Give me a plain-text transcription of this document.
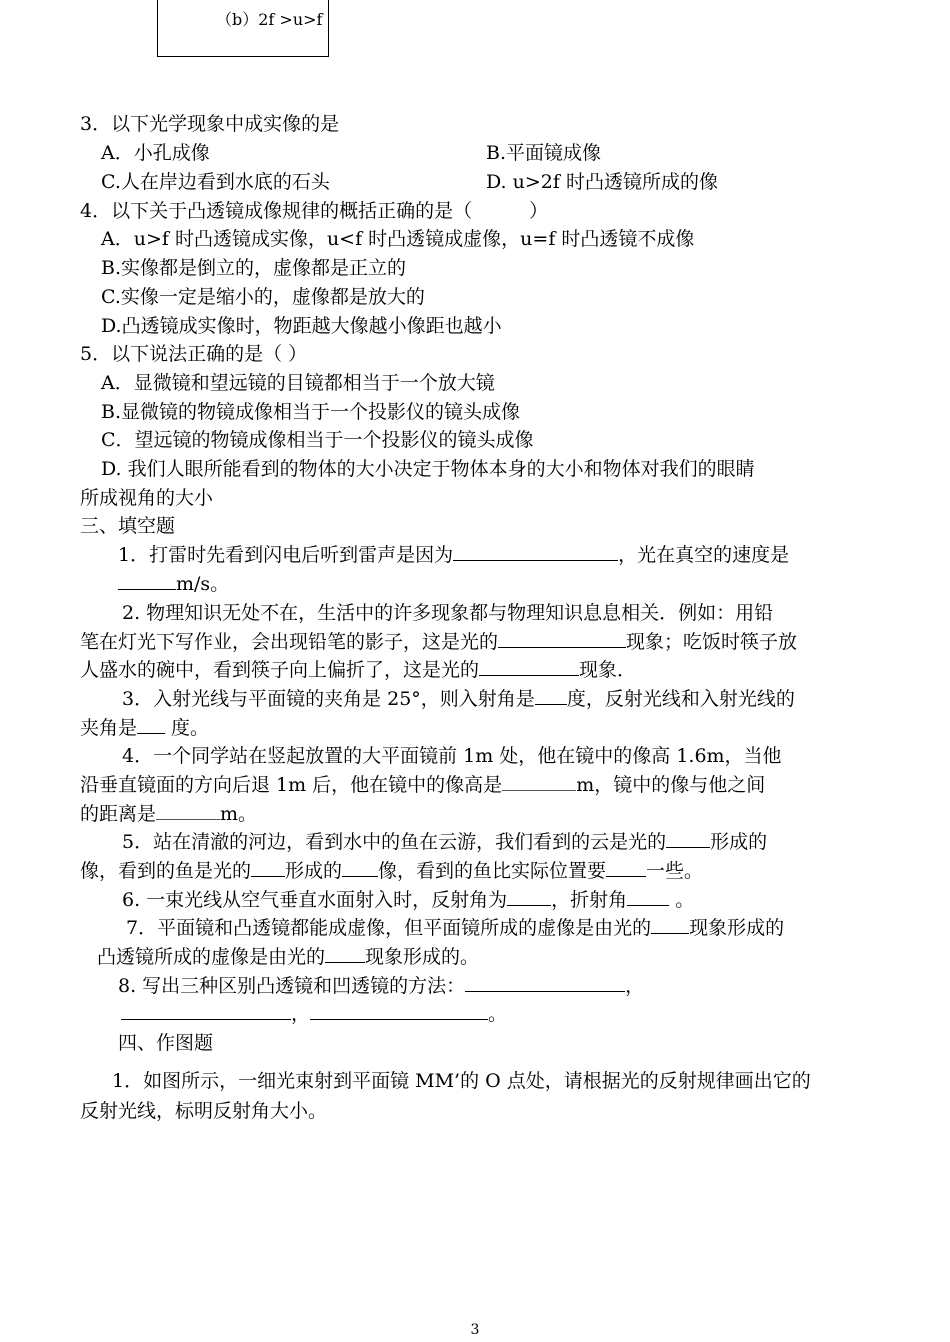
（b）2f >u>f
3．以下光学现象中成实像的是
A．小孔成像	B.平面镜成像
C.人在岸边看到水底的石头	D. u>2f 时凸透镜所成的像
4．以下关于凸透镜成像规律的概括正确的是（　　　）
A．u>f 时凸透镜成实像，u<f 时凸透镜成虚像，u=f 时凸透镜不成像
B.实像都是倒立的，虚像都是正立的
C.实像一定是缩小的，虚像都是放大的
D.凸透镜成实像时，物距越大像越小像距也越小
5．以下说法正确的是（ ）
A．显微镜和望远镜的目镜都相当于一个放大镜
B.显微镜的物镜成像相当于一个投影仪的镜头成像
C．望远镜的物镜成像相当于一个投影仪的镜头成像
D. 我们人眼所能看到的物体的大小决定于物体本身的大小和物体对我们的眼睛
所成视角的大小
三、填空题
1．打雷时先看到闪电后听到雷声是因为	，光在真空的速度是
m/s。
2. 物理知识无处不在，生活中的许多现象都与物理知识息息相关．例如：用铅
笔在灯光下写作业，会出现铅笔的影子，这是光的	现象；吃饭时筷子放
人盛水的碗中，看到筷子向上偏折了，这是光的	现象．
3．入射光线与平面镜的夹角是 25°，则入射角是 度，反射光线和入射光线的
夹角是 度。
4．一个同学站在竖起放置的大平面镜前 1m 处，他在镜中的像高 1.6m，当他
沿垂直镜面的方向后退 1m 后，他在镜中的像高是	m，镜中的像与他之间
的距离是	m。
5．站在清澈的河边，看到水中的鱼在云游，我们看到的云是光的 形成的
像，看到的鱼是光的 形成的 像，看到的鱼比实际位置要 一些。
6. 一束光线从空气垂直水面射入时，反射角为 ，折射角 。
7．平面镜和凸透镜都能成虚像，但平面镜所成的虚像是由光的 现象形成的
凸透镜所成的虚像是由光的 现象形成的。
8. 写出三种区别凸透镜和凹透镜的方法：	，
，	。
四、作图题
1．如图所示，一细光束射到平面镜 MM’的 O 点处，请根据光的反射规律画出它的
反射光线，标明反射角大小。
3
